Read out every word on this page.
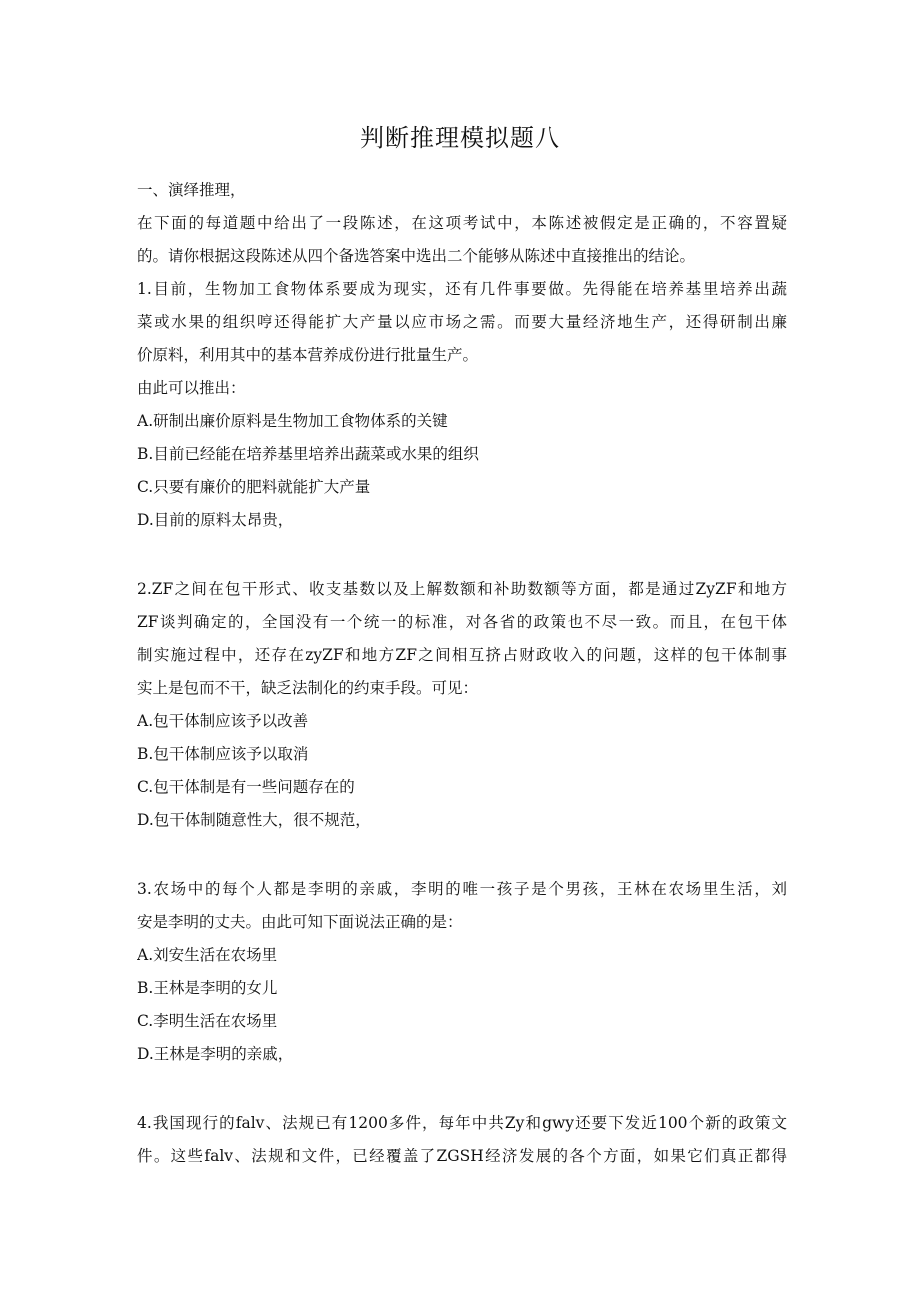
判断推理模拟题八
一、演绎推理，
在下面的每道题中给出了一段陈述，在这项考试中，本陈述被假定是正确的，不容置疑
的。请你根据这段陈述从四个备选答案中选出二个能够从陈述中直接推出的结论。
1.目前，生物加工食物体系要成为现实，还有几件事要做。先得能在培养基里培养出蔬
菜或水果的组织哼还得能扩大产量以应市场之需。而要大量经济地生产，还得研制出廉
价原料，利用其中的基本营养成份进行批量生产。
由此可以推出：
A.研制出廉价原料是生物加工食物体系的关键
B.目前已经能在培养基里培养出蔬菜或水果的组织
C.只要有廉价的肥料就能扩大产量
D.目前的原料太昂贵，
2.ZF之间在包干形式、收支基数以及上解数额和补助数额等方面，都是通过ZyZF和地方
ZF谈判确定的，全国没有一个统一的标准，对各省的政策也不尽一致。而且，在包干体
制实施过程中，还存在zyZF和地方ZF之间相互挤占财政收入的问题，这样的包干体制事
实上是包而不干，缺乏法制化的约束手段。可见：
A.包干体制应该予以改善
B.包干体制应该予以取消
C.包干体制是有一些问题存在的
D.包干体制随意性大，很不规范，
3.农场中的每个人都是李明的亲戚，李明的唯一孩子是个男孩，王林在农场里生活，刘
安是李明的丈夫。由此可知下面说法正确的是：
A.刘安生活在农场里
B.王林是李明的女儿
C.李明生活在农场里
D.王林是李明的亲戚，
4.我国现行的falv、法规已有1200多件，每年中共Zy和gwy还要下发近100个新的政策文
件。这些falv、法规和文件，已经覆盖了ZGSH经济发展的各个方面，如果它们真正都得
